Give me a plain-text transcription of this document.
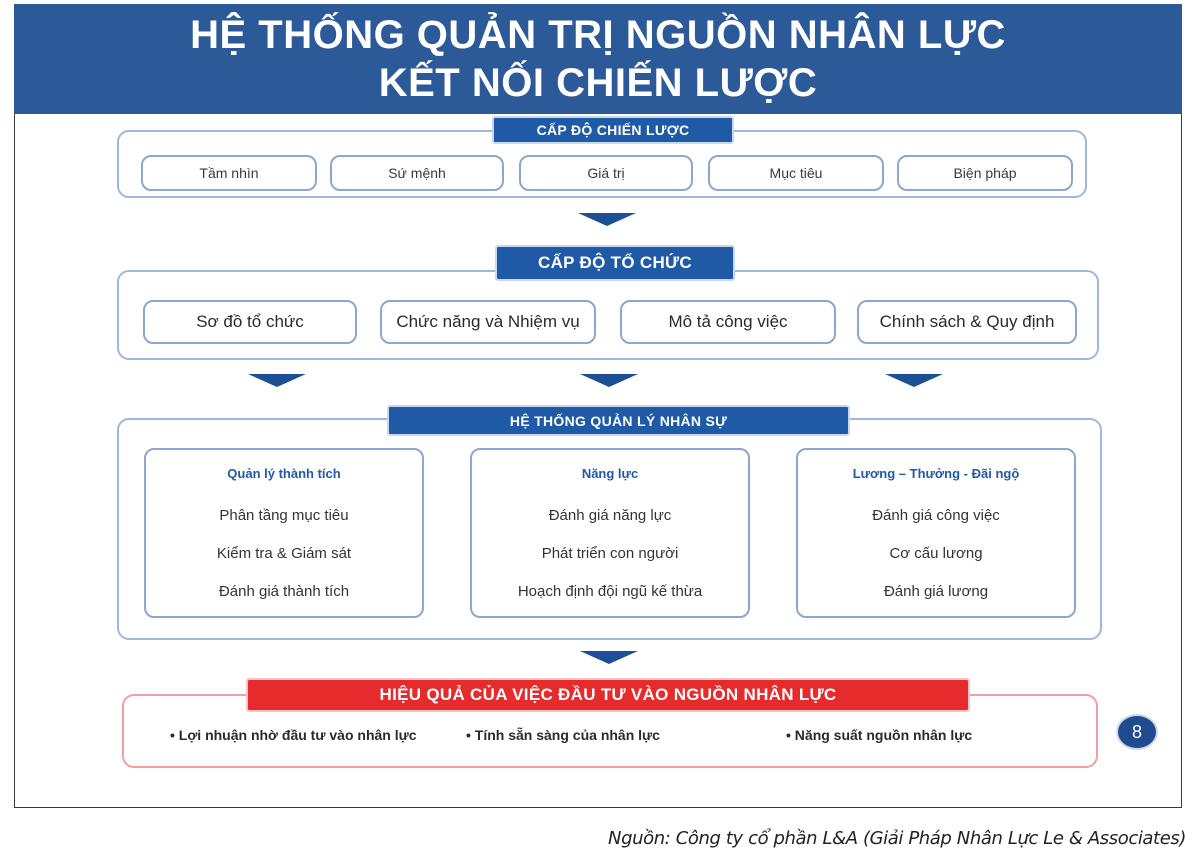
HỆ THỐNG QUẢN TRỊ NGUỒN NHÂN LỰC
KẾT NỐI CHIẾN LƯỢC
CẤP ĐỘ CHIẾN LƯỢC
Tầm nhìn	Sứ mệnh	Giá trị	Mục tiêu	Biện pháp
CẤP ĐỘ TỔ CHỨC
Sơ đồ tổ chức	Chức năng và Nhiệm vụ	Mô tả công việc	Chính sách & Quy định
HỆ THỐNG QUẢN LÝ NHÂN SỰ
Quản lý thành tích
Phân tầng mục tiêu
Kiểm tra & Giám sát
Đánh giá thành tích
Năng lực
Đánh giá năng lực
Phát triển con người
Hoạch định đội ngũ kế thừa
Lương – Thưởng - Đãi ngộ
Đánh giá công việc
Cơ cấu lương
Đánh giá lương
HIỆU QUẢ CỦA VIỆC ĐẦU TƯ VÀO NGUỒN NHÂN LỰC
• Lợi nhuận nhờ đầu tư vào nhân lực	• Tính sẵn sàng của nhân lực	• Năng suất nguồn nhân lực	8
Nguồn: Công ty cổ phần L&A (Giải Pháp Nhân Lực Le & Associates)
